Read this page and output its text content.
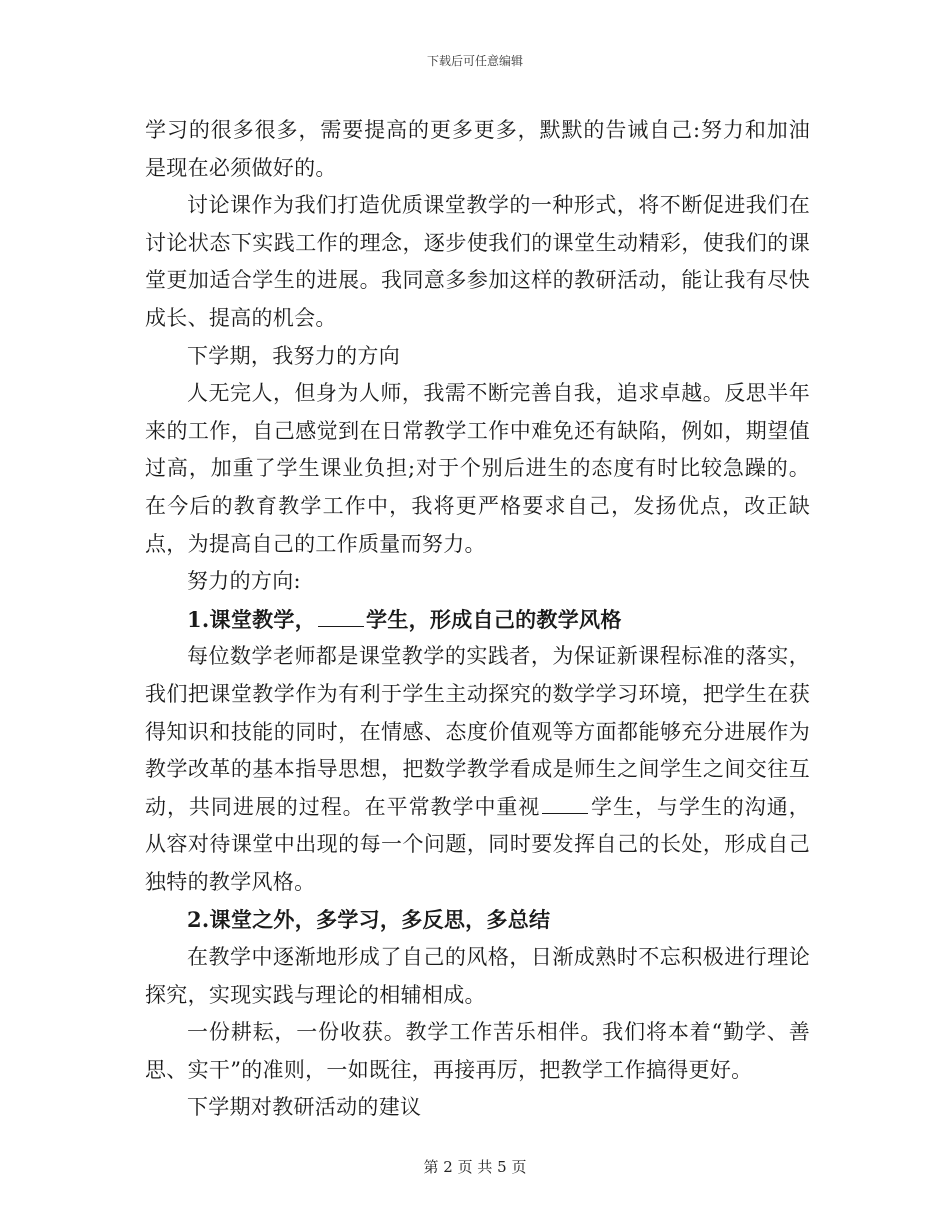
下载后可任意编辑

学习的很多很多，需要提高的更多更多，默默的告诫自己:努力和加油是现在必须做好的。

讨论课作为我们打造优质课堂教学的一种形式，将不断促进我们在讨论状态下实践工作的理念，逐步使我们的课堂生动精彩，使我们的课堂更加适合学生的进展。我同意多参加这样的教研活动，能让我有尽快成长、提高的机会。

下学期，我努力的方向

人无完人，但身为人师，我需不断完善自我，追求卓越。反思半年来的工作，自己感觉到在日常教学工作中难免还有缺陷，例如，期望值过高，加重了学生课业负担;对于个别后进生的态度有时比较急躁的。在今后的教育教学工作中，我将更严格要求自己，发扬优点，改正缺点，为提高自己的工作质量而努力。

努力的方向:

1.课堂教学， 学生，形成自己的教学风格

每位数学老师都是课堂教学的实践者，为保证新课程标准的落实，我们把课堂教学作为有利于学生主动探究的数学学习环境，把学生在获得知识和技能的同时，在情感、态度价值观等方面都能够充分进展作为教学改革的基本指导思想，把数学教学看成是师生之间学生之间交往互动，共同进展的过程。在平常教学中重视 学生，与学生的沟通，从容对待课堂中出现的每一个问题，同时要发挥自己的长处，形成自己独特的教学风格。

2.课堂之外，多学习，多反思，多总结

在教学中逐渐地形成了自己的风格，日渐成熟时不忘积极进行理论探究，实现实践与理论的相辅相成。

一份耕耘，一份收获。教学工作苦乐相伴。我们将本着“勤学、善思、实干”的准则，一如既往，再接再厉，把教学工作搞得更好。

下学期对教研活动的建议

第 2 页 共 5 页
